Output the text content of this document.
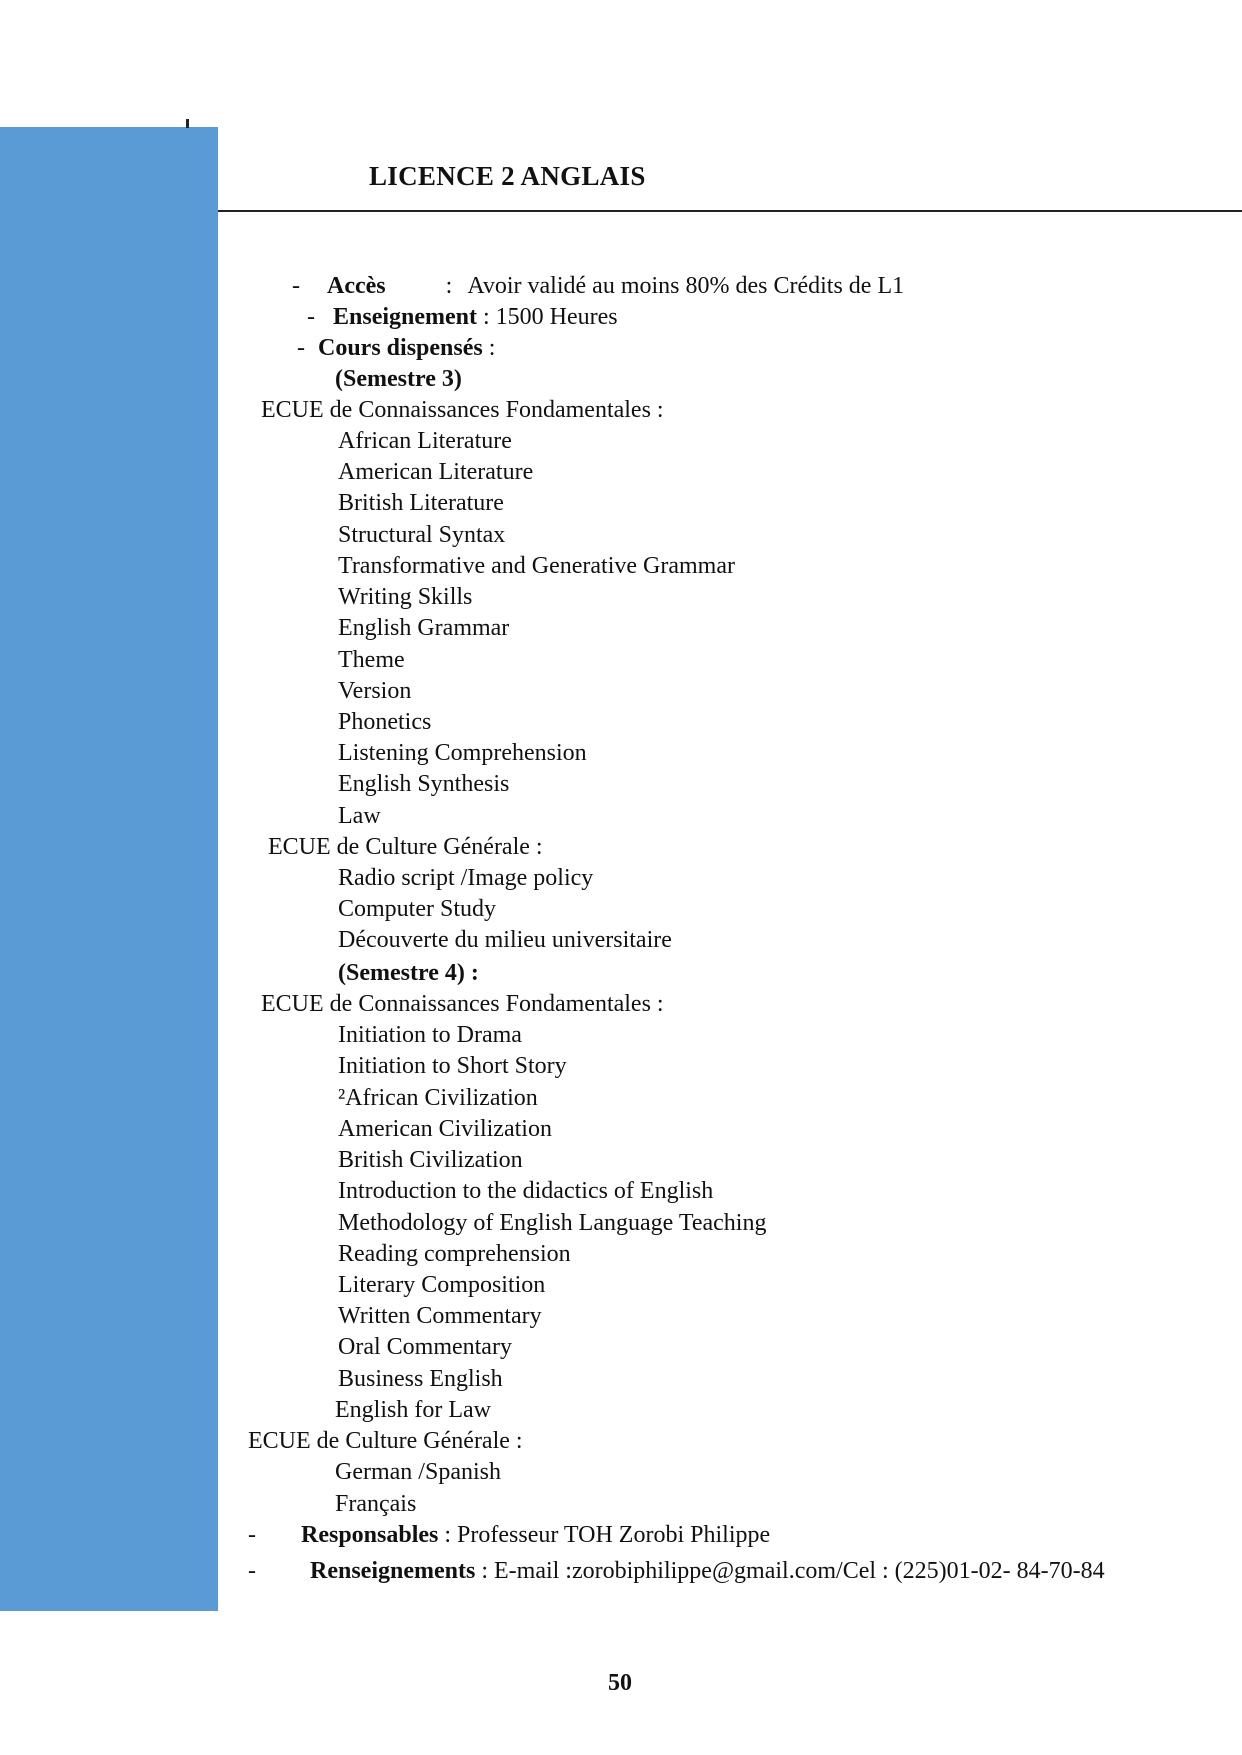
LICENCE 2 ANGLAIS
- Accès	: Avoir validé au moins 80% des Crédits de L1
- Enseignement : 1500 Heures
- Cours dispensés :
(Semestre 3)
ECUE de Connaissances Fondamentales :
African Literature
American Literature
British Literature
Structural Syntax
Transformative and Generative Grammar
Writing Skills
English Grammar
Theme
Version
Phonetics
Listening Comprehension
English Synthesis
Law
ECUE de Culture Générale :
Radio script /Image policy
Computer Study
Découverte du milieu universitaire
(Semestre 4) :
ECUE de Connaissances Fondamentales :
Initiation to Drama
Initiation to Short Story
²African Civilization
American Civilization
British Civilization
Introduction to the didactics of English
Methodology of English Language Teaching
Reading comprehension
Literary Composition
Written Commentary
Oral Commentary
Business English
English for Law
ECUE de Culture Générale :
German /Spanish
Français
- Responsables : Professeur TOH Zorobi Philippe
- Renseignements : E-mail :zorobiphilippe@gmail.com/Cel : (225)01-02- 84-70-84
50
